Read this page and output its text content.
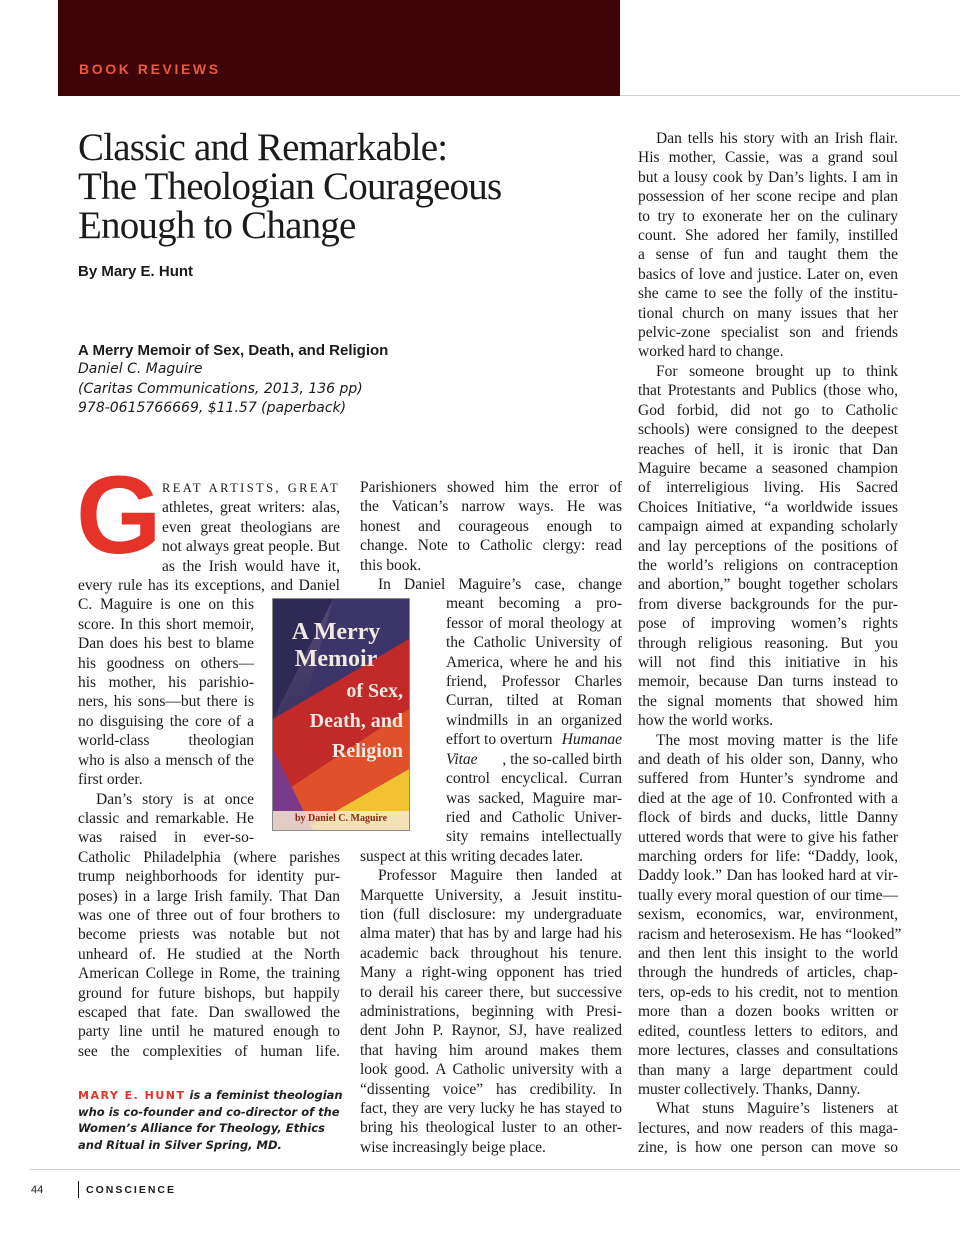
BOOK REVIEWS
Classic and Remarkable:
The Theologian Courageous
Enough to Change
By Mary E. Hunt
A Merry Memoir of Sex, Death, and Religion
Daniel C. Maguire
(Caritas Communications, 2013, 136 pp)
978-0615766669, $11.57 (paperback)
G REAT ARTISTS, GREAT
athletes, great writers: alas,
even great theologians are
not always great people. But
as the Irish would have it,
every rule has its exceptions, and Daniel
C. Maguire is one on this
score. In this short memoir,
Dan does his best to blame
his goodness on others—
his mother, his parishio-
ners, his sons—but there is
no disguising the core of a
world-class theologian
who is also a mensch of the
first order.
Dan’s story is at once
classic and remarkable. He
was raised in ever-so-
Catholic Philadelphia (where parishes
trump neighborhoods for identity pur-
poses) in a large Irish family. That Dan
was one of three out of four brothers to
become priests was notable but not
unheard of. He studied at the North
American College in Rome, the training
ground for future bishops, but happily
escaped that fate. Dan swallowed the
party line until he matured enough to
see the complexities of human life.
A Merry
Memoir
of Sex,
Death, and
Religion
by Daniel C. Maguire
Parishioners showed him the error of
the Vatican’s narrow ways. He was
honest and courageous enough to
change. Note to Catholic clergy: read
this book.
In Daniel Maguire’s case, change
meant becoming a pro-
fessor of moral theology at
the Catholic University of
America, where he and his
friend, Professor Charles
Curran, tilted at Roman
windmills in an organized
effort to overturn Humanae
Vitae , the so-called birth
control encyclical. Curran
was sacked, Maguire mar-
ried and Catholic Univer-
sity remains intellectually
suspect at this writing decades later.
Professor Maguire then landed at
Marquette University, a Jesuit institu-
tion (full disclosure: my undergraduate
alma mater) that has by and large had his
academic back throughout his tenure.
Many a right-wing opponent has tried
to derail his career there, but successive
administrations, beginning with Presi-
dent John P. Raynor, SJ, have realized
that having him around makes them
look good. A Catholic university with a
“dissenting voice” has credibility. In
fact, they are very lucky he has stayed to
bring his theological luster to an other-
wise increasingly beige place.
Dan tells his story with an Irish flair.
His mother, Cassie, was a grand soul
but a lousy cook by Dan’s lights. I am in
possession of her scone recipe and plan
to try to exonerate her on the culinary
count. She adored her family, instilled
a sense of fun and taught them the
basics of love and justice. Later on, even
she came to see the folly of the institu-
tional church on many issues that her
pelvic-zone specialist son and friends
worked hard to change.
For someone brought up to think
that Protestants and Publics (those who,
God forbid, did not go to Catholic
schools) were consigned to the deepest
reaches of hell, it is ironic that Dan
Maguire became a seasoned champion
of interreligious living. His Sacred
Choices Initiative, “a worldwide issues
campaign aimed at expanding scholarly
and lay perceptions of the positions of
the world’s religions on contraception
and abortion,” bought together scholars
from diverse backgrounds for the pur-
pose of improving women’s rights
through religious reasoning. But you
will not find this initiative in his
memoir, because Dan turns instead to
the signal moments that showed him
how the world works.
The most moving matter is the life
and death of his older son, Danny, who
suffered from Hunter’s syndrome and
died at the age of 10. Confronted with a
flock of birds and ducks, little Danny
uttered words that were to give his father
marching orders for life: “Daddy, look,
Daddy look.” Dan has looked hard at vir-
tually every moral question of our time—
sexism, economics, war, environment,
racism and heterosexism. He has “looked”
and then lent this insight to the world
through the hundreds of articles, chap-
ters, op-eds to his credit, not to mention
more than a dozen books written or
edited, countless letters to editors, and
more lectures, classes and consultations
than many a large department could
muster collectively. Thanks, Danny.
What stuns Maguire’s listeners at
lectures, and now readers of this maga-
zine, is how one person can move so
MARY E. HUNT is a feminist theologian who is co-founder and co-director of the Women’s Alliance for Theology, Ethics and Ritual in Silver Spring, MD.
44	CONSCIENCE
